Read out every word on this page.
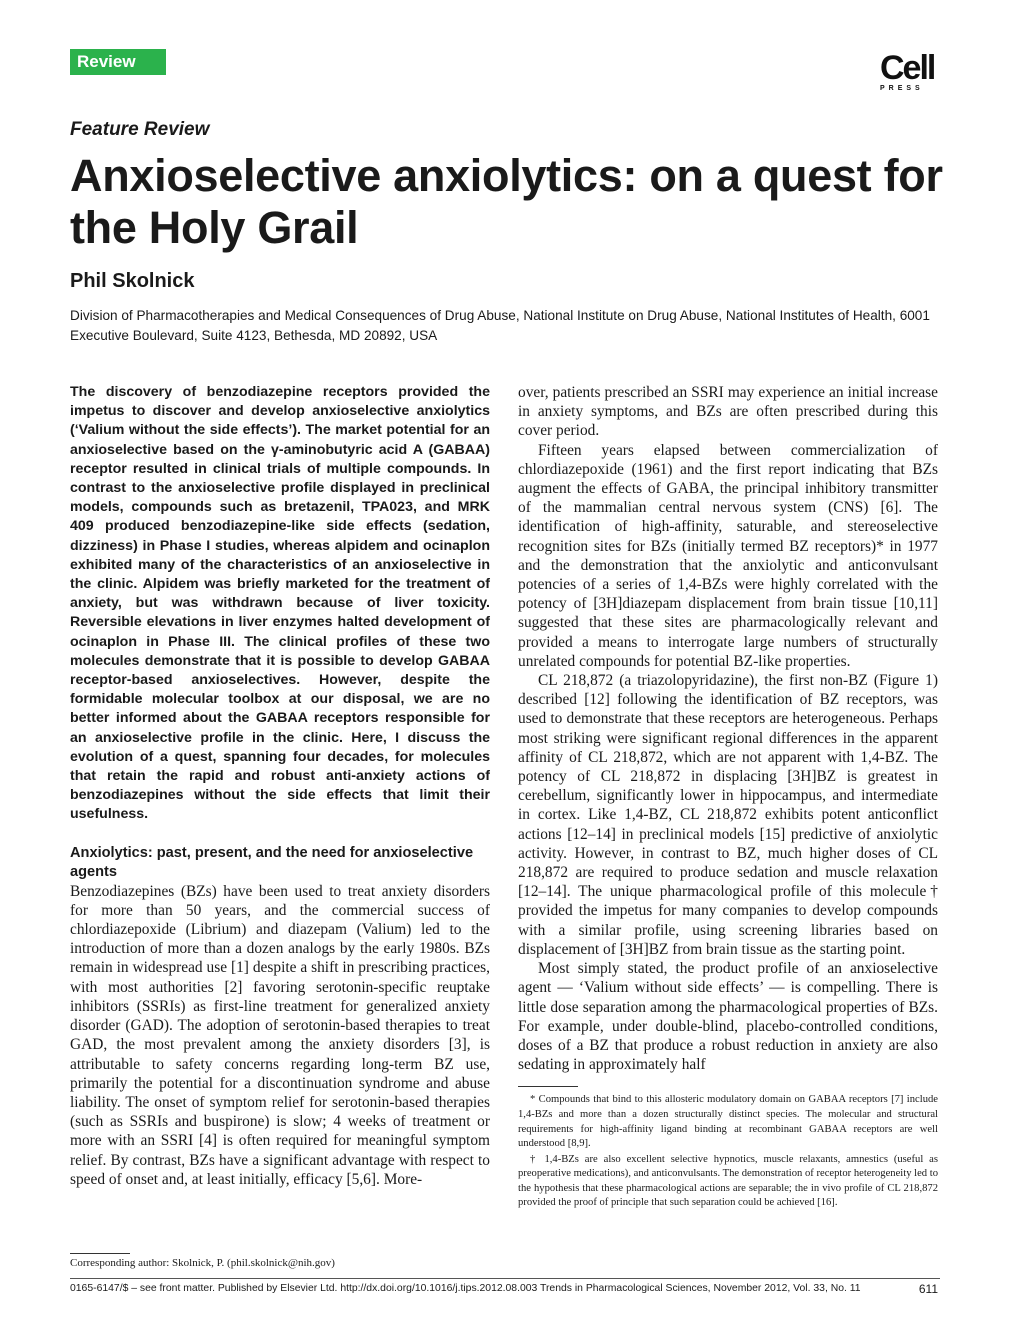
Review	Cell
PRESS
Feature Review
Anxioselective anxiolytics: on a quest for the Holy Grail
Phil Skolnick
Division of Pharmacotherapies and Medical Consequences of Drug Abuse, National Institute on Drug Abuse, National Institutes of Health, 6001 Executive Boulevard, Suite 4123, Bethesda, MD 20892, USA

The discovery of benzodiazepine receptors provided the impetus to discover and develop anxioselective anxiolytics (‘Valium without the side effects’). The market potential for an anxioselective based on the γ-aminobutyric acid A (GABAA) receptor resulted in clinical trials of multiple compounds. In contrast to the anxioselective profile displayed in preclinical models, compounds such as bretazenil, TPA023, and MRK 409 produced benzodiazepine-like side effects (sedation, dizziness) in Phase I studies, whereas alpidem and ocinaplon exhibited many of the characteristics of an anxioselective in the clinic. Alpidem was briefly marketed for the treatment of anxiety, but was withdrawn because of liver toxicity. Reversible elevations in liver enzymes halted development of ocinaplon in Phase III. The clinical profiles of these two molecules demonstrate that it is possible to develop GABAA receptor-based anxioselectives. However, despite the formidable molecular toolbox at our disposal, we are no better informed about the GABAA receptors responsible for an anxioselective profile in the clinic. Here, I discuss the evolution of a quest, spanning four decades, for molecules that retain the rapid and robust anti-anxiety actions of benzodiazepines without the side effects that limit their usefulness.

Anxiolytics: past, present, and the need for anxioselective agents

Benzodiazepines (BZs) have been used to treat anxiety disorders for more than 50 years, and the commercial success of chlordiazepoxide (Librium) and diazepam (Valium) led to the introduction of more than a dozen analogs by the early 1980s. BZs remain in widespread use [1] despite a shift in prescribing practices, with most authorities [2] favoring serotonin-specific reuptake inhibitors (SSRIs) as first-line treatment for generalized anxiety disorder (GAD). The adoption of serotonin-based therapies to treat GAD, the most prevalent among the anxiety disorders [3], is attributable to safety concerns regarding long-term BZ use, primarily the potential for a discontinuation syndrome and abuse liability. The onset of symptom relief for serotonin-based therapies (such as SSRIs and buspirone) is slow; 4 weeks of treatment or more with an SSRI [4] is often required for meaningful symptom relief. By contrast, BZs have a significant advantage with respect to speed of onset and, at least initially, efficacy [5,6]. More-

over, patients prescribed an SSRI may experience an initial increase in anxiety symptoms, and BZs are often prescribed during this cover period.

Fifteen years elapsed between commercialization of chlordiazepoxide (1961) and the first report indicating that BZs augment the effects of GABA, the principal inhibitory transmitter of the mammalian central nervous system (CNS) [6]. The identification of high-affinity, saturable, and stereoselective recognition sites for BZs (initially termed BZ receptors)* in 1977 and the demonstration that the anxiolytic and anticonvulsant potencies of a series of 1,4-BZs were highly correlated with the potency of [3H]diazepam displacement from brain tissue [10,11] suggested that these sites are pharmacologically relevant and provided a means to interrogate large numbers of structurally unrelated compounds for potential BZ-like properties.

CL 218,872 (a triazolopyridazine), the first non-BZ (Figure 1) described [12] following the identification of BZ receptors, was used to demonstrate that these receptors are heterogeneous. Perhaps most striking were significant regional differences in the apparent affinity of CL 218,872, which are not apparent with 1,4-BZ. The potency of CL 218,872 in displacing [3H]BZ is greatest in cerebellum, significantly lower in hippocampus, and intermediate in cortex. Like 1,4-BZ, CL 218,872 exhibits potent anticonflict actions [12–14] in preclinical models [15] predictive of anxiolytic activity. However, in contrast to BZ, much higher doses of CL 218,872 are required to produce sedation and muscle relaxation [12–14]. The unique pharmacological profile of this molecule† provided the impetus for many companies to develop compounds with a similar profile, using screening libraries based on displacement of [3H]BZ from brain tissue as the starting point.

Most simply stated, the product profile of an anxioselective agent — ‘Valium without side effects’ — is compelling. There is little dose separation among the pharmacological properties of BZs. For example, under double-blind, placebo-controlled conditions, doses of a BZ that produce a robust reduction in anxiety are also sedating in approximately half

* Compounds that bind to this allosteric modulatory domain on GABAA receptors [7] include 1,4-BZs and more than a dozen structurally distinct species. The molecular and structural requirements for high-affinity ligand binding at recombinant GABAA receptors are well understood [8,9].

† 1,4-BZs are also excellent selective hypnotics, muscle relaxants, amnestics (useful as preoperative medications), and anticonvulsants. The demonstration of receptor heterogeneity led to the hypothesis that these pharmacological actions are separable; the in vivo profile of CL 218,872 provided the proof of principle that such separation could be achieved [16].

Corresponding author: Skolnick, P. (phil.skolnick@nih.gov)
0165-6147/$ – see front matter. Published by Elsevier Ltd. http://dx.doi.org/10.1016/j.tips.2012.08.003 Trends in Pharmacological Sciences, November 2012, Vol. 33, No. 11	611
